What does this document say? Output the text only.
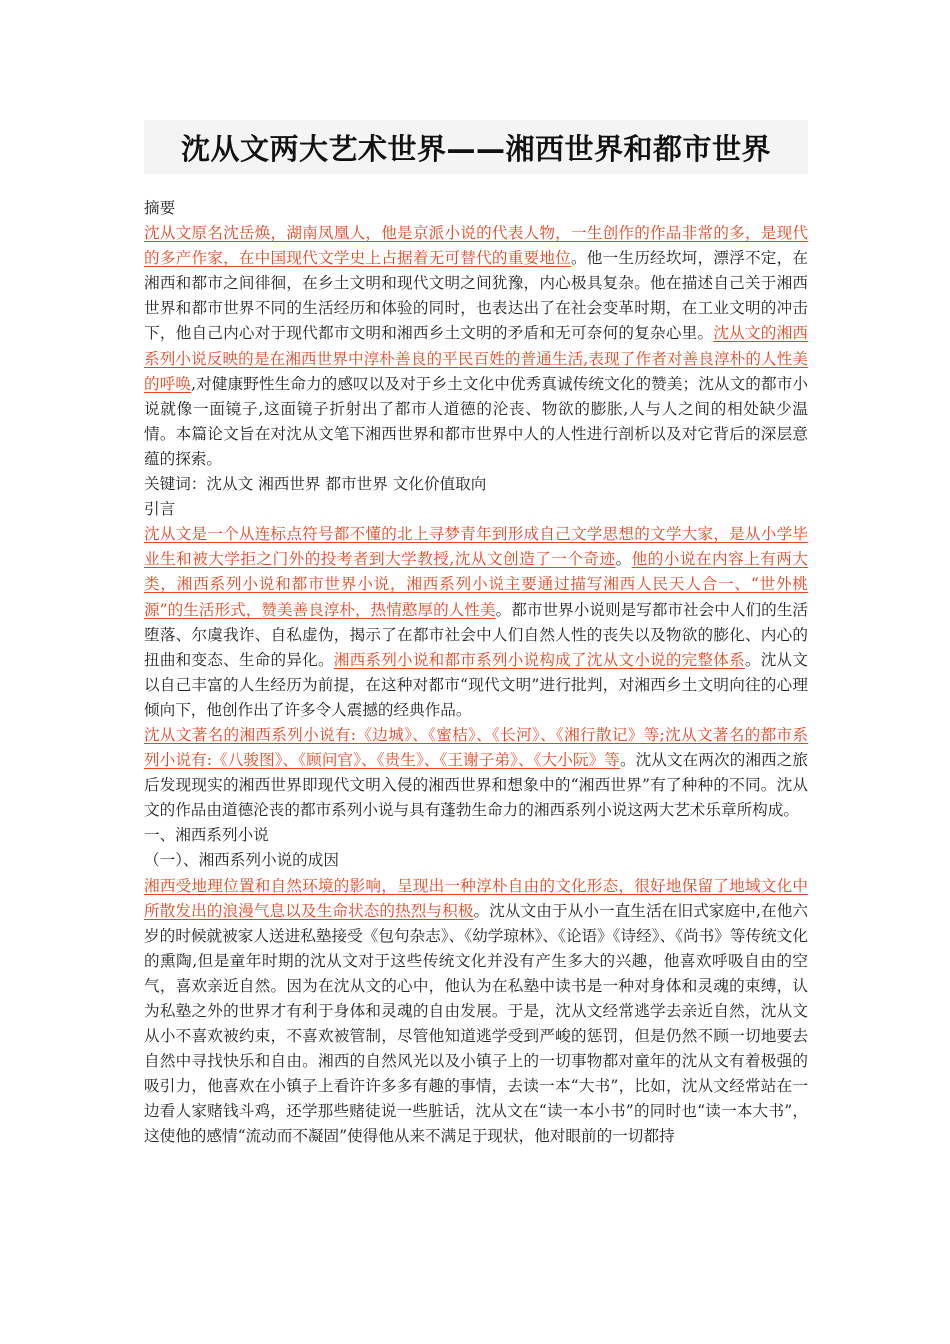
沈从文两大艺术世界——湘西世界和都市世界
摘要
沈从文原名沈岳焕，湖南凤凰人，他是京派小说的代表人物，一生创作的作品非常的多，是现代的多产作家，在中国现代文学史上占据着无可替代的重要地位。他一生历经坎坷，漂浮不定，在湘西和都市之间徘徊，在乡土文明和现代文明之间犹豫，内心极具复杂。他在描述自己关于湘西世界和都市世界不同的生活经历和体验的同时，也表达出了在社会变革时期，在工业文明的冲击下，他自己内心对于现代都市文明和湘西乡土文明的矛盾和无可奈何的复杂心里。沈从文的湘西系列小说反映的是在湘西世界中淳朴善良的平民百姓的普通生活,表现了作者对善良淳朴的人性美的呼唤,对健康野性生命力的感叹以及对于乡土文化中优秀真诚传统文化的赞美；沈从文的都市小说就像一面镜子,这面镜子折射出了都市人道德的沦丧、物欲的膨胀,人与人之间的相处缺少温情。本篇论文旨在对沈从文笔下湘西世界和都市世界中人的人性进行剖析以及对它背后的深层意蕴的探索。
关键词：沈从文 湘西世界 都市世界 文化价值取向
引言
沈从文是一个从连标点符号都不懂的北上寻梦青年到形成自己文学思想的文学大家，是从小学毕业生和被大学拒之门外的投考者到大学教授,沈从文创造了一个奇迹。他的小说在内容上有两大类，湘西系列小说和都市世界小说，湘西系列小说主要通过描写湘西人民天人合一、“世外桃源”的生活形式，赞美善良淳朴，热情憨厚的人性美。都市世界小说则是写都市社会中人们的生活堕落、尔虞我诈、自私虚伪，揭示了在都市社会中人们自然人性的丧失以及物欲的膨化、内心的扭曲和变态、生命的异化。湘西系列小说和都市系列小说构成了沈从文小说的完整体系。沈从文以自己丰富的人生经历为前提，在这种对都市“现代文明”进行批判，对湘西乡土文明向往的心理倾向下，他创作出了许多令人震撼的经典作品。
沈从文著名的湘西系列小说有:《边城》、《蜜桔》、《长河》、《湘行散记》等;沈从文著名的都市系列小说有:《八骏图》、《顾问官》、《贵生》、《王谢子弟》、《大小阮》等。沈从文在两次的湘西之旅后发现现实的湘西世界即现代文明入侵的湘西世界和想象中的“湘西世界”有了种种的不同。沈从文的作品由道德沦丧的都市系列小说与具有蓬勃生命力的湘西系列小说这两大艺术乐章所构成。
一、湘西系列小说
（一）、湘西系列小说的成因
湘西受地理位置和自然环境的影响，呈现出一种淳朴自由的文化形态，很好地保留了地域文化中所散发出的浪漫气息以及生命状态的热烈与积极。沈从文由于从小一直生活在旧式家庭中,在他六岁的时候就被家人送进私塾接受《包句杂志》、《幼学琼林》、《论语》《诗经》、《尚书》等传统文化的熏陶,但是童年时期的沈从文对于这些传统文化并没有产生多大的兴趣，他喜欢呼吸自由的空气，喜欢亲近自然。因为在沈从文的心中，他认为在私塾中读书是一种对身体和灵魂的束缚，认为私塾之外的世界才有利于身体和灵魂的自由发展。于是，沈从文经常逃学去亲近自然，沈从文从小不喜欢被约束，不喜欢被管制，尽管他知道逃学受到严峻的惩罚，但是仍然不顾一切地要去自然中寻找快乐和自由。湘西的自然风光以及小镇子上的一切事物都对童年的沈从文有着极强的吸引力，他喜欢在小镇子上看许许多多有趣的事情，去读一本“大书”，比如，沈从文经常站在一边看人家赌钱斗鸡，还学那些赌徒说一些脏话，沈从文在“读一本小书”的同时也“读一本大书”，这使他的感情“流动而不凝固”使得他从来不满足于现状，他对眼前的一切都持
